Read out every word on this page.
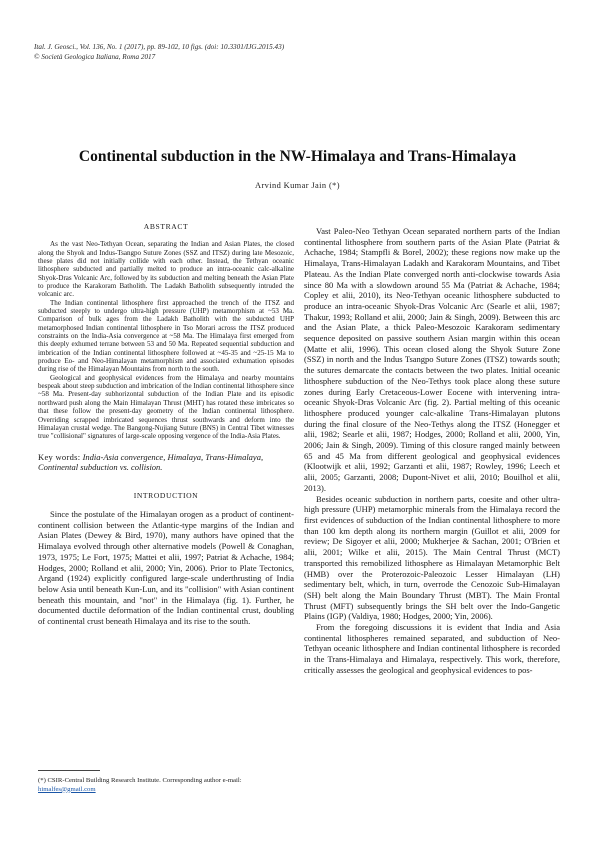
Ital. J. Geosci., Vol. 136, No. 1 (2017), pp. 89-102, 10 figs. (doi: 10.3301/IJG.2015.43)
© Società Geologica Italiana, Roma 2017
Continental subduction in the NW-Himalaya and Trans-Himalaya
Arvind Kumar Jain (*)
ABSTRACT

As the vast Neo-Tethyan Ocean, separating the Indian and Asian Plates, the closed along the Shyok and Indus-Tsangpo Suture Zones (SSZ and ITSZ) during late Mesozoic, these plates did not initially collide with each other. Instead, the Tethyan oceanic lithosphere subducted and partially melted to produce an intra-oceanic calc-alkaline Shyok-Dras Volcanic Arc, followed by its subduction and melting beneath the Asian Plate to produce the Karakoram Batholith. The Ladakh Batholith subsequently intruded the volcanic arc.

The Indian continental lithosphere first approached the trench of the ITSZ and subducted steeply to undergo ultra-high pressure (UHP) metamorphism at ~53 Ma. Comparison of bulk ages from the Ladakh Batholith with the subducted UHP metamorphosed Indian continental lithosphere in Tso Morari across the ITSZ produced constraints on the India-Asia convergence at ~58 Ma. The Himalaya first emerged from this deeply exhumed terrane between 53 and 50 Ma. Repeated sequential subduction and imbrication of the Indian continental lithosphere followed at ~45-35 and ~25-15 Ma to produce Eo- and Neo-Himalayan metamorphism and associated exhumation episodes during rise of the Himalayan Mountains from north to the south.

Geological and geophysical evidences from the Himalaya and nearby mountains bespeak about steep subduction and imbrication of the Indian continental lithosphere since ~58 Ma. Present-day subhorizontal subduction of the Indian Plate and its episodic northward push along the Main Himalayan Thrust (MHT) has rotated these imbricates so that these follow the present-day geometry of the Indian continental lithosphere. Overriding scrapped imbricated sequences thrust southwards and deform into the Himalayan crustal wedge. The Bangong-Nujiang Suture (BNS) in Central Tibet witnesses true "collisional" signatures of large-scale opposing vergence of the India-Asia Plates.

Key words: India-Asia convergence, Himalaya, Trans-Himalaya, Continental subduction vs. collision.
INTRODUCTION

Since the postulate of the Himalayan orogen as a product of continent-continent collision between the Atlantic-type margins of the Indian and Asian Plates (Dewey & Bird, 1970), many authors have opined that the Himalaya evolved through other alternative models (Powell & Conaghan, 1973, 1975; Le Fort, 1975; Mattei et alii, 1997; Patriat & Achache, 1984; Hodges, 2000; Rolland et alii, 2000; Yin, 2006). Prior to Plate Tectonics, Argand (1924) explicitly configured large-scale underthrusting of India below Asia until beneath Kun-Lun, and its "collision" with Asian continent beneath this mountain, and "not" in the Himalaya (fig. 1). Further, he documented ductile deformation of the Indian continental crust, doubling of continental crust beneath Himalaya and its rise to the south.

(*) CSIR-Central Building Research Institute. Corresponding author e-mail: himalfes@gmail.com

Vast Paleo-Neo Tethyan Ocean separated northern parts of the Indian continental lithosphere from southern parts of the Asian Plate (Patriat & Achache, 1984; Stampfli & Borel, 2002); these regions now make up the Himalaya, Trans-Himalayan Ladakh and Karakoram Mountains, and Tibet Plateau. As the Indian Plate converged north anti-clockwise towards Asia since 80 Ma with a slowdown around 55 Ma (Patriat & Achache, 1984; Copley et alii, 2010), its Neo-Tethyan oceanic lithosphere subducted to produce an intra-oceanic Shyok-Dras Volcanic Arc (Searle et alii, 1987; Thakur, 1993; Rolland et alii, 2000; Jain & Singh, 2009). Between this arc and the Asian Plate, a thick Paleo-Mesozoic Karakoram sedimentary sequence deposited on passive southern Asian margin within this ocean (Matte et alii, 1996). This ocean closed along the Shyok Suture Zone (SSZ) in north and the Indus Tsangpo Suture Zones (ITSZ) towards south; the sutures demarcate the contacts between the two plates. Initial oceanic lithosphere subduction of the Neo-Tethys took place along these suture zones during Early Cretaceous-Lower Eocene with intervening intra-oceanic Shyok-Dras Volcanic Arc (fig. 2). Partial melting of this oceanic lithosphere produced younger calc-alkaline Trans-Himalayan plutons during the final closure of the Neo-Tethys along the ITSZ (Honegger et alii, 1982; Searle et alii, 1987; Hodges, 2000; Rolland et alii, 2000, Yin, 2006; Jain & Singh, 2009). Timing of this closure ranged mainly between 65 and 45 Ma from different geological and geophysical evidences (Klootwijk et alii, 1992; Garzanti et alii, 1987; Rowley, 1996; Leech et alii, 2005; Garzanti, 2008; Dupont-Nivet et alii, 2010; Bouilhol et alii, 2013).

Besides oceanic subduction in northern parts, coesite and other ultra-high pressure (UHP) metamorphic minerals from the Himalaya record the first evidences of subduction of the Indian continental lithosphere to more than 100 km depth along its northern margin (Guillot et alii, 2009 for review; De Sigoyer et alii, 2000; Mukherjee & Sachan, 2001; O'Brien et alii, 2001; Wilke et alii, 2015). The Main Central Thrust (MCT) transported this remobilized lithosphere as Himalayan Metamorphic Belt (HMB) over the Proterozoic-Paleozoic Lesser Himalayan (LH) sedimentary belt, which, in turn, overrode the Cenozoic Sub-Himalayan (SH) belt along the Main Boundary Thrust (MBT). The Main Frontal Thrust (MFT) subsequently brings the SH belt over the Indo-Gangetic Plains (IGP) (Valdiya, 1980; Hodges, 2000; Yin, 2006).

From the foregoing discussions it is evident that India and Asia continental lithospheres remained separated, and subduction of Neo-Tethyan oceanic lithosphere and Indian continental lithosphere is recorded in the Trans-Himalaya and Himalaya, respectively. This work, therefore, critically assesses the geological and geophysical evidences to pos-
